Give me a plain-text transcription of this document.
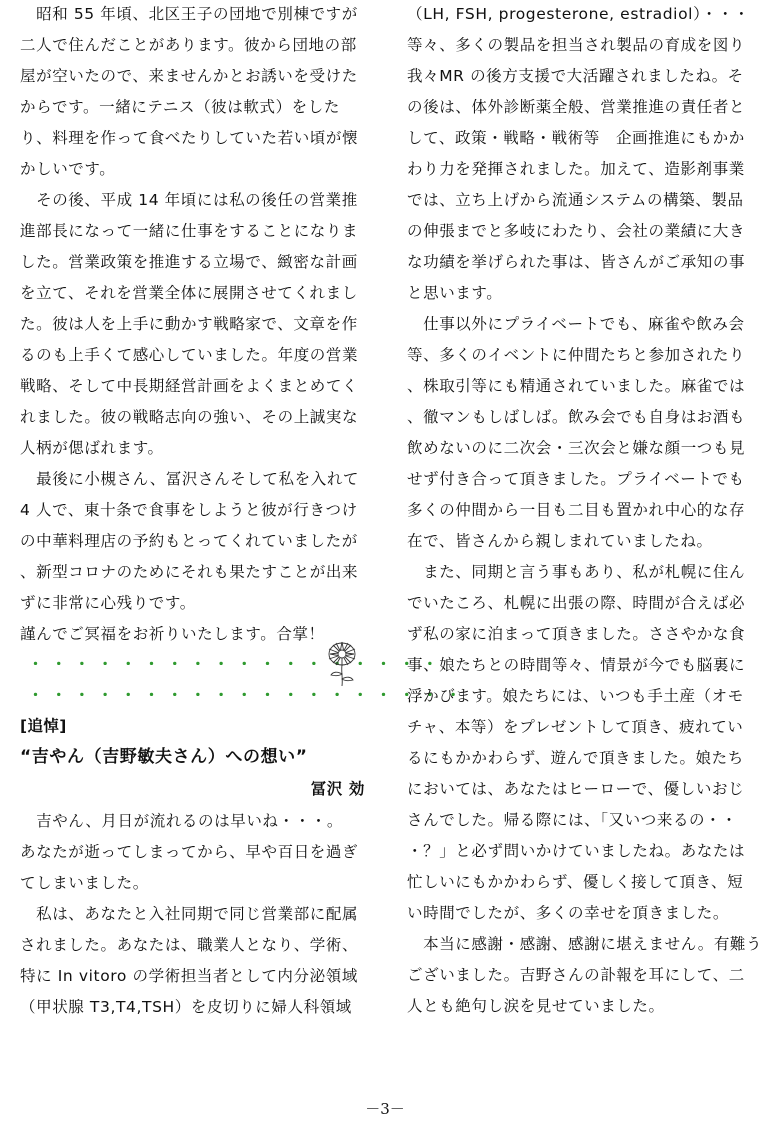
　昭和 55 年頃、北区王子の団地で別棟ですが
二人で住んだことがあります。彼から団地の部
屋が空いたので、来ませんかとお誘いを受けた
からです。一緒にテニス（彼は軟式）をした
り、料理を作って食べたりしていた若い頃が懐
かしいです。
　その後、平成 14 年頃には私の後任の営業推
進部長になって一緒に仕事をすることになりま
した。営業政策を推進する立場で、緻密な計画
を立て、それを営業全体に展開させてくれまし
た。彼は人を上手に動かす戦略家で、文章を作
るのも上手くて感心していました。年度の営業
戦略、そして中長期経営計画をよくまとめてく
れました。彼の戦略志向の強い、その上誠実な
人柄が偲ばれます。
　最後に小槻さん、冨沢さんそして私を入れて
4 人で、東十条で食事をしようと彼が行きつけ
の中華料理店の予約もとってくれていましたが
、新型コロナのためにそれも果たすことが出来
ずに非常に心残りです。
謹んでご冥福をお祈りいたします。合掌！
・・・・・・・・・・・・・・・・・・
・・・・・・・・・・・・・・・・・・・
[追悼]
“吉やん（吉野敏夫さん）への想い”
冨沢 効
　吉やん、月日が流れるのは早いね・・・。
あなたが逝ってしまってから、早や百日を過ぎ
てしまいました。
　私は、あなたと入社同期で同じ営業部に配属
されました。あなたは、職業人となり、学術、
特に In vitoro の学術担当者として内分泌領域
（甲状腺 T3,T4,TSH）を皮切りに婦人科領域
（LH, FSH, progesterone, estradiol）・・・
等々、多くの製品を担当され製品の育成を図り
我々MR の後方支援で大活躍されましたね。そ
の後は、体外診断薬全般、営業推進の責任者と
して、政策・戦略・戦術等　企画推進にもかか
わり力を発揮されました。加えて、造影剤事業
では、立ち上げから流通システムの構築、製品
の伸張までと多岐にわたり、会社の業績に大き
な功績を挙げられた事は、皆さんがご承知の事
と思います。
　仕事以外にプライベートでも、麻雀や飲み会
等、多くのイベントに仲間たちと参加されたり
、株取引等にも精通されていました。麻雀では
、徹マンもしばしば。飲み会でも自身はお酒も
飲めないのに二次会・三次会と嫌な顔一つも見
せず付き合って頂きました。プライベートでも
多くの仲間から一目も二目も置かれ中心的な存
在で、皆さんから親しまれていましたね。
　また、同期と言う事もあり、私が札幌に住ん
でいたころ、札幌に出張の際、時間が合えば必
ず私の家に泊まって頂きました。ささやかな食
事、娘たちとの時間等々、情景が今でも脳裏に
浮かびます。娘たちには、いつも手土産（オモ
チャ、本等）をプレゼントして頂き、疲れてい
るにもかかわらず、遊んで頂きました。娘たち
においては、あなたはヒーローで、優しいおじ
さんでした。帰る際には、「又いつ来るの・・
・？」と必ず問いかけていましたね。あなたは
忙しいにもかかわらず、優しく接して頂き、短
い時間でしたが、多くの幸せを頂きました。
　本当に感謝・感謝、感謝に堪えません。有難う
ございました。吉野さんの訃報を耳にして、二
人とも絶句し涙を見せていました。
－3－
